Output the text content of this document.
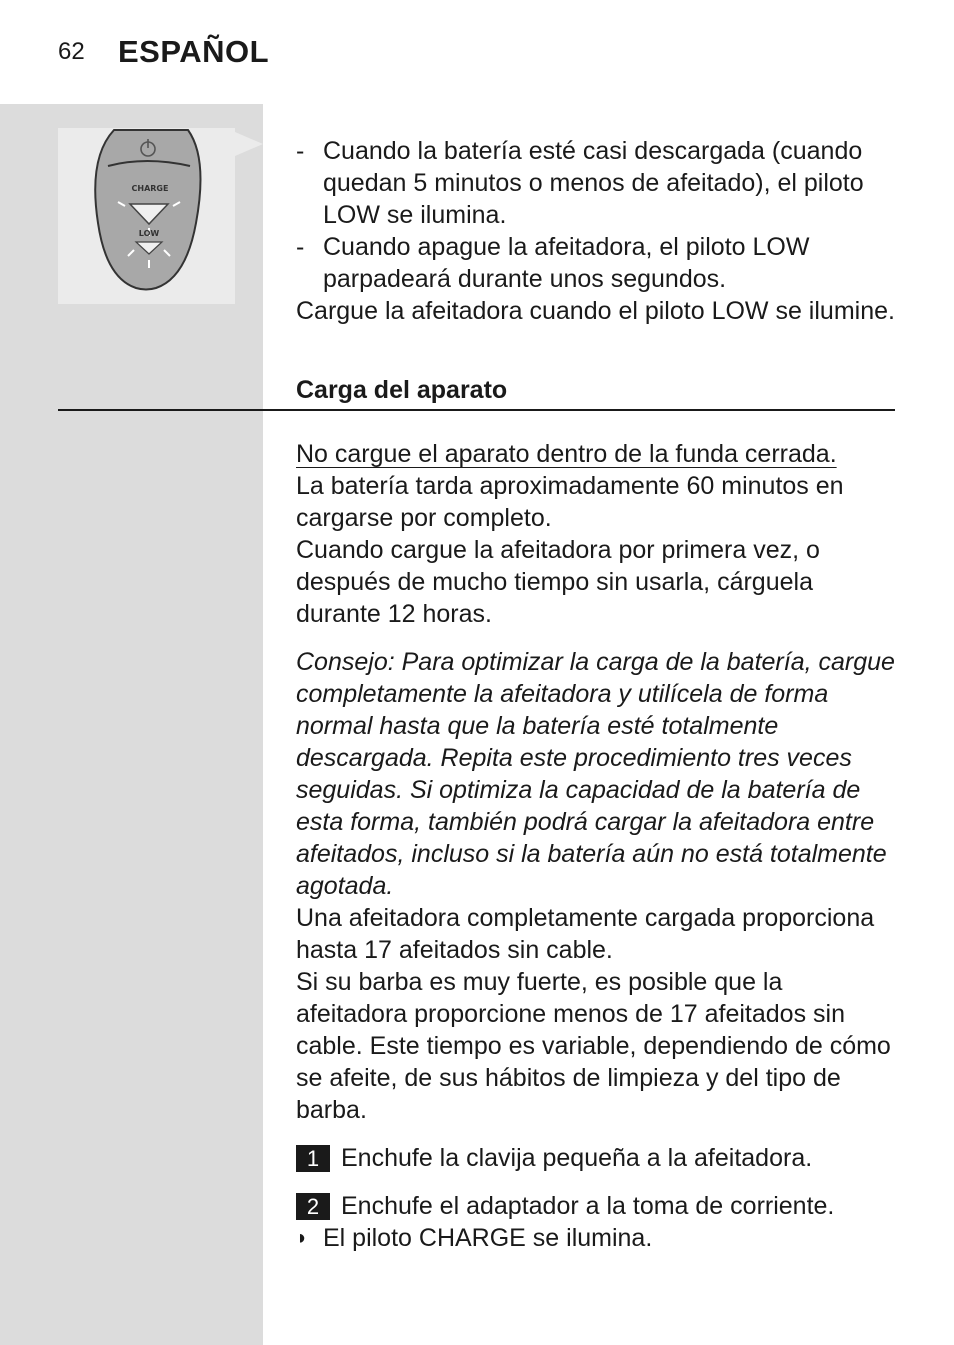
62 ESPAÑOL
CHARGE
LOW

- Cuando la batería esté casi descargada (cuando quedan 5 minutos o menos de afeitado), el piloto LOW se ilumina.

- Cuando apague la afeitadora, el piloto LOW parpadeará durante unos segundos.

Cargue la afeitadora cuando el piloto LOW se ilumine.

Carga del aparato

No cargue el aparato dentro de la funda cerrada.

La batería tarda aproximadamente 60 minutos en cargarse por completo.

Cuando cargue la afeitadora por primera vez, o después de mucho tiempo sin usarla, cárguela durante 12 horas.

Consejo: Para optimizar la carga de la batería, cargue completamente la afeitadora y utilícela de forma normal hasta que la batería esté totalmente descargada. Repita este procedimiento tres veces seguidas. Si optimiza la capacidad de la batería de esta forma, también podrá cargar la afeitadora entre afeitados, incluso si la batería aún no está totalmente agotada.

Una afeitadora completamente cargada proporciona hasta 17 afeitados sin cable.

Si su barba es muy fuerte, es posible que la afeitadora proporcione menos de 17 afeitados sin cable. Este tiempo es variable, dependiendo de cómo se afeite, de sus hábitos de limpieza y del tipo de barba.

1 Enchufe la clavija pequeña a la afeitadora.

2 Enchufe el adaptador a la toma de corriente.

◗ El piloto CHARGE se ilumina.
